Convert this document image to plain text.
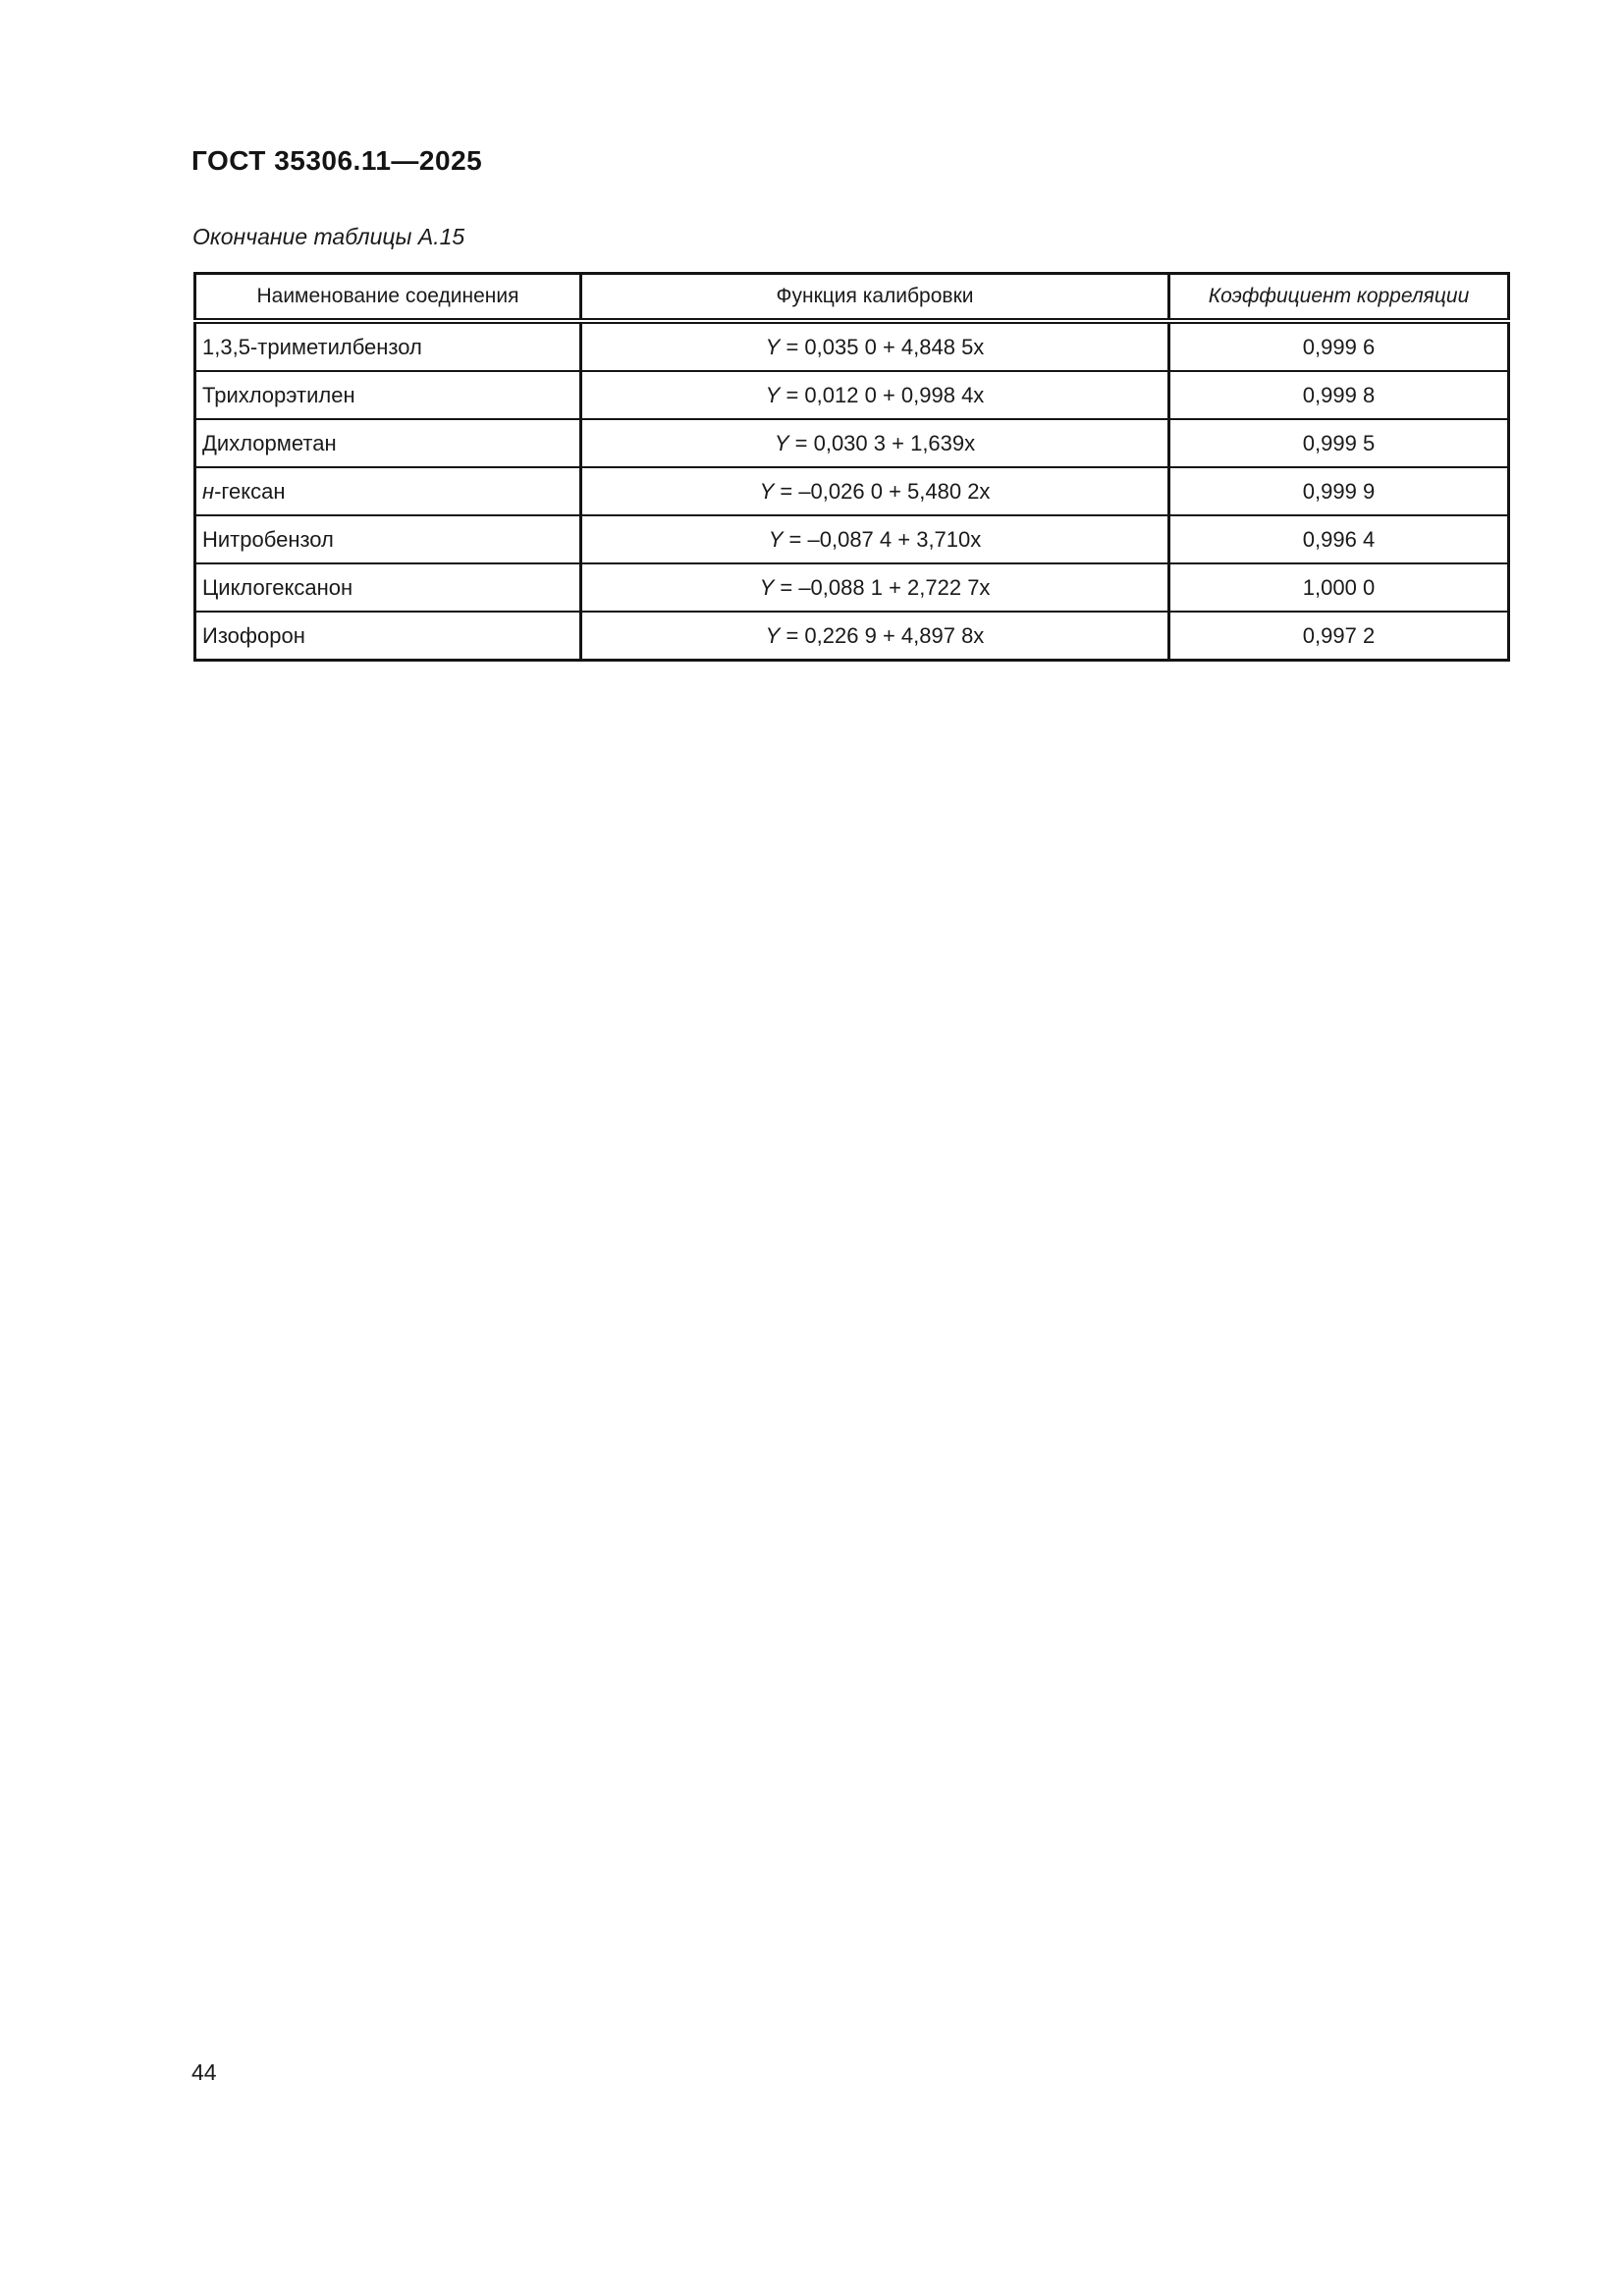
ГОСТ 35306.11—2025
Окончание таблицы А.15
Наименование соединения	Функция калибровки	Коэффициент корреляции
1,3,5-триметилбензол	Y = 0,035 0 + 4,848 5x	0,999 6
Трихлорэтилен	Y = 0,012 0 + 0,998 4x	0,999 8
Дихлорметан	Y = 0,030 3 + 1,639x	0,999 5
н-гексан	Y = –0,026 0 + 5,480 2x	0,999 9
Нитробензол	Y = –0,087 4 + 3,710x	0,996 4
Циклогексанон	Y = –0,088 1 + 2,722 7x	1,000 0
Изофорон	Y = 0,226 9 + 4,897 8x	0,997 2
44
